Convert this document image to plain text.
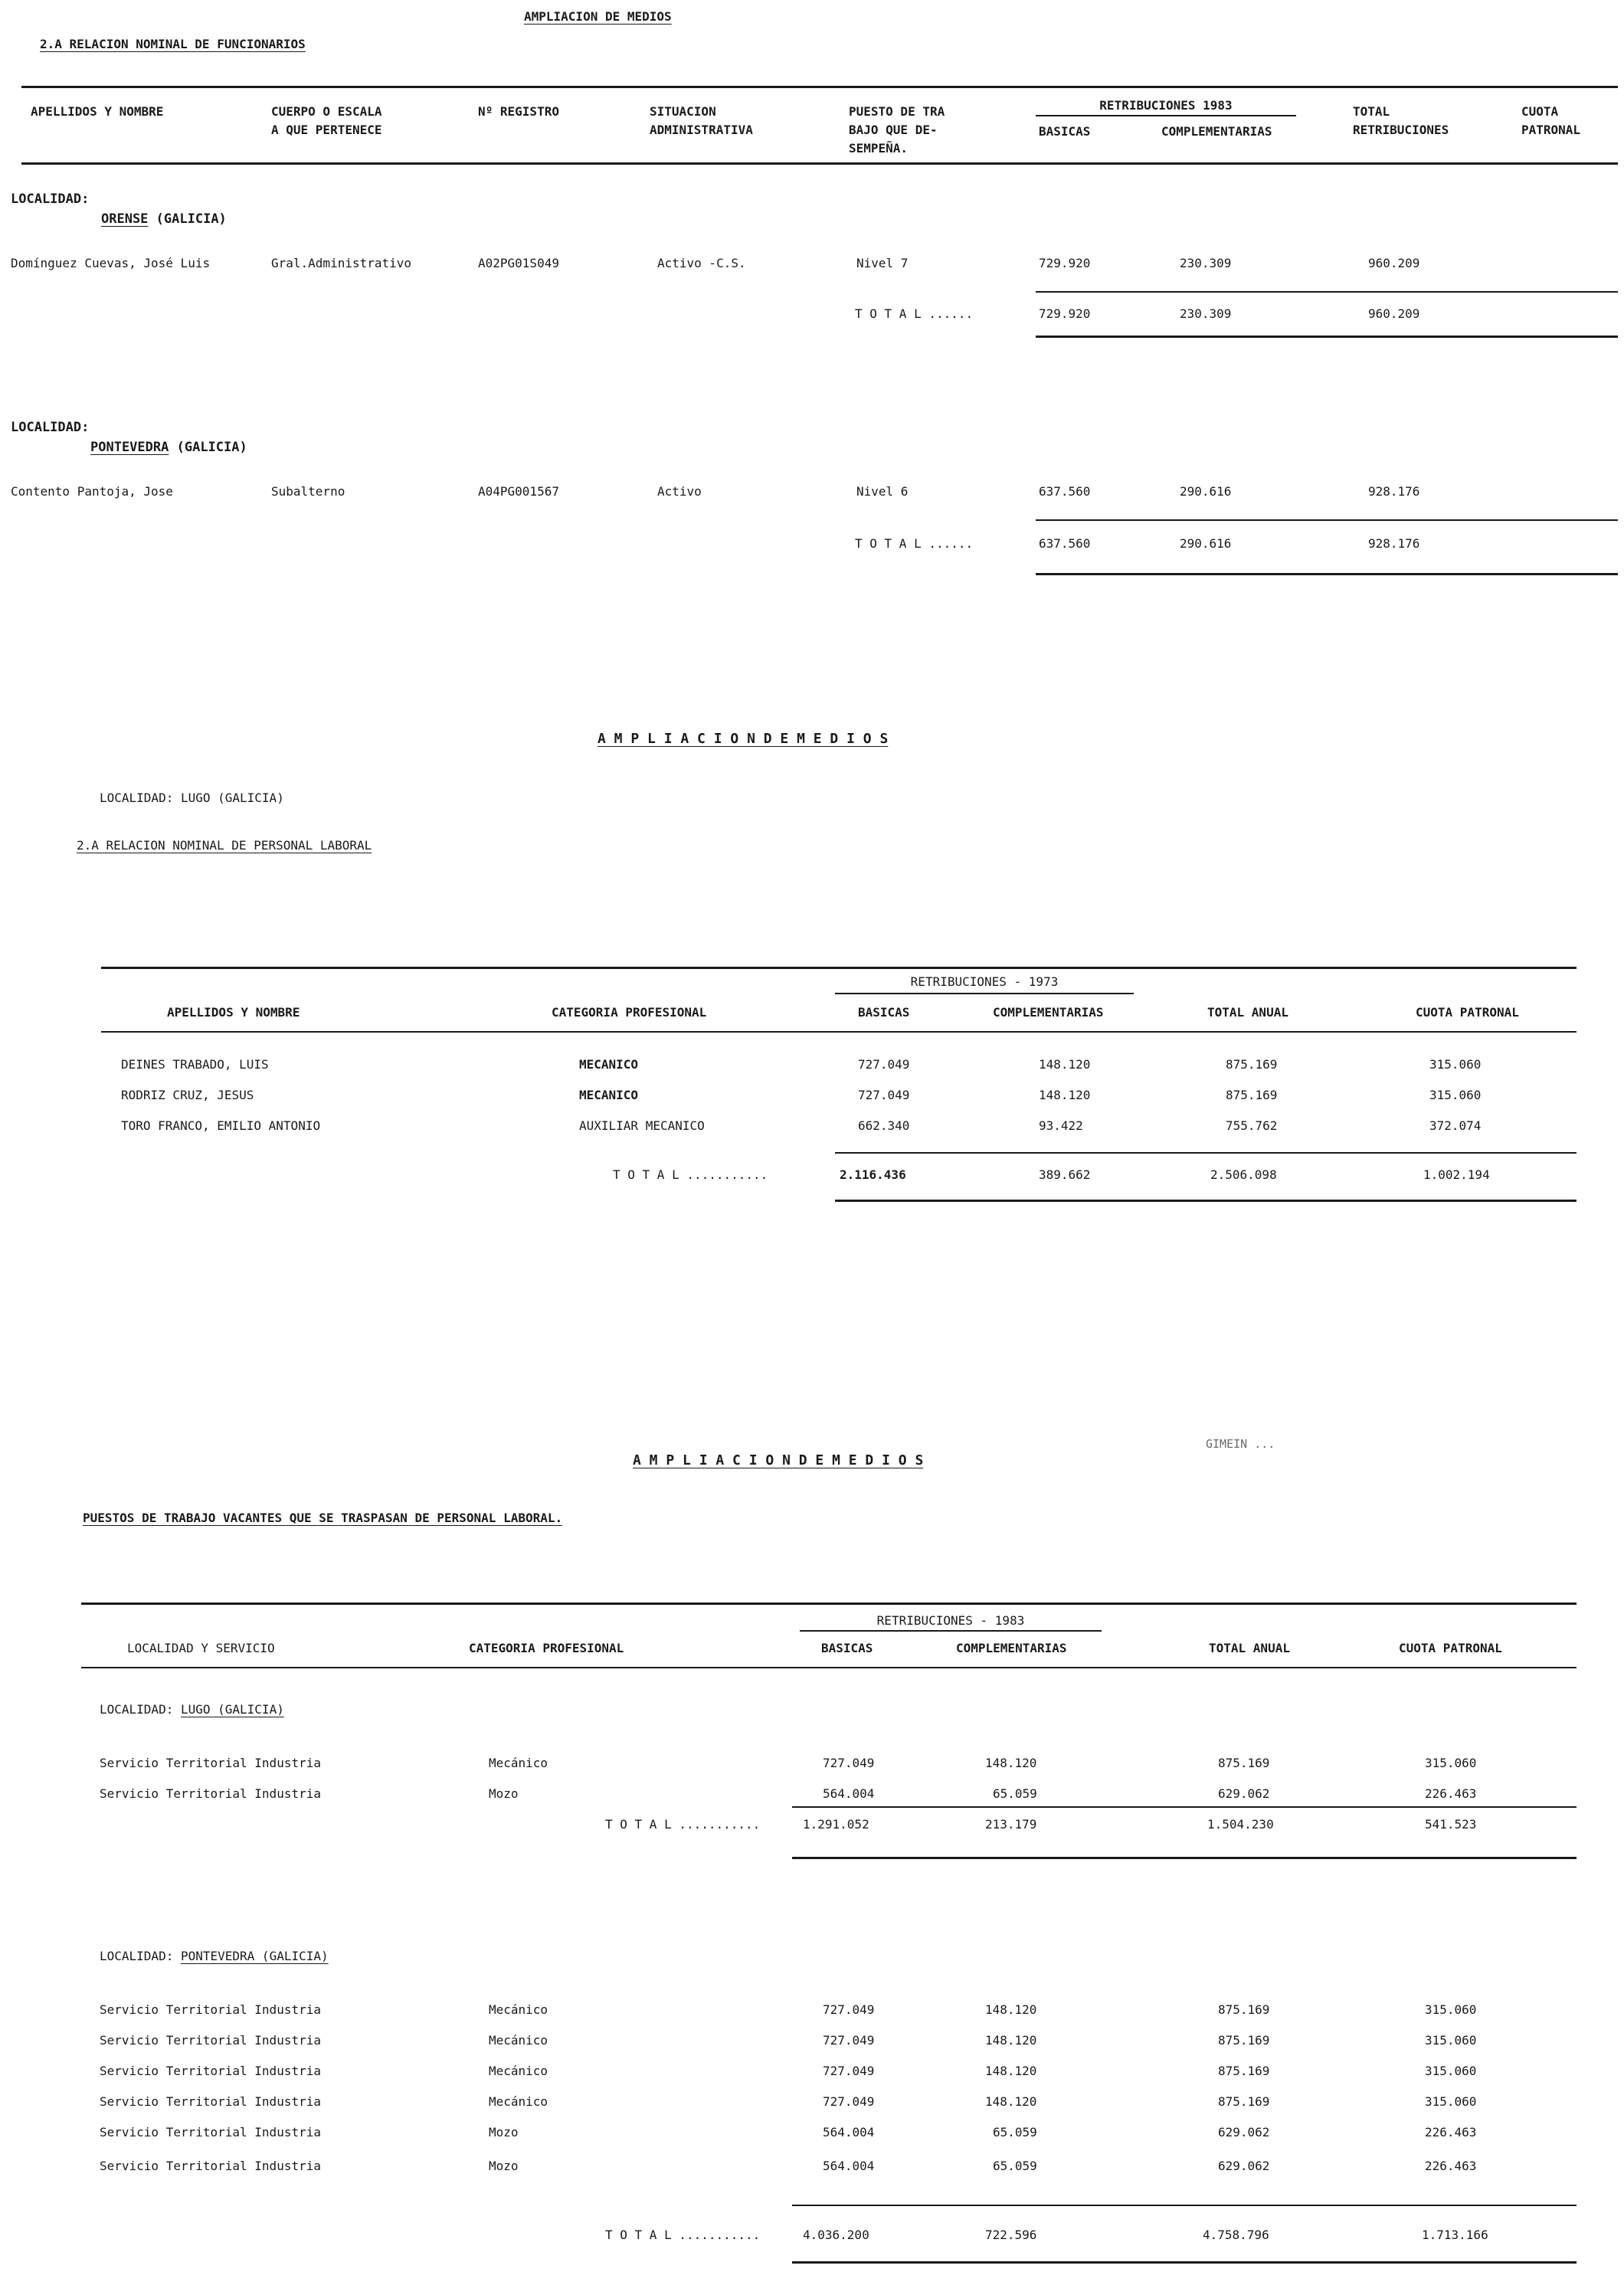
AMPLIACION DE MEDIOS
2.A RELACION NOMINAL DE FUNCIONARIOS
APELLIDOS Y NOMBRE	CUERPO O ESCALA
A QUE PERTENECE
Nº REGISTRO	SITUACION
ADMINISTRATIVA
PUESTO DE TRA
BAJO QUE DE-
SEMPEÑA.
RETRIBUCIONES 1983
BASICAS	COMPLEMENTARIAS
TOTAL
RETRIBUCIONES
CUOTA
PATRONAL
LOCALIDAD:
ORENSE (GALICIA)
Domínguez Cuevas, José Luis	Gral.Administrativo	A02PG01S049	Activo -C.S.	Nivel 7	729.920	230.309	960.209
T O T A L ......	729.920	230.309	960.209
LOCALIDAD:
PONTEVEDRA (GALICIA)
Contento Pantoja, Jose	Subalterno	A04PG001567	Activo	Nivel 6	637.560	290.616	928.176
T O T A L ......	637.560	290.616	928.176
A M P L I A C I O N D E M E D I O S
LOCALIDAD: LUGO (GALICIA)
2.A RELACION NOMINAL DE PERSONAL LABORAL
RETRIBUCIONES - 1973
APELLIDOS Y NOMBRE	CATEGORIA PROFESIONAL	BASICAS	COMPLEMENTARIAS	TOTAL ANUAL	CUOTA PATRONAL
DEINES TRABADO, LUIS	MECANICO	727.049	148.120	875.169	315.060
RODRIZ CRUZ, JESUS	MECANICO	727.049	148.120	875.169	315.060
TORO FRANCO, EMILIO ANTONIO	AUXILIAR MECANICO	662.340	93.422	755.762	372.074
T O T A L ...........	2.116.436	389.662	2.506.098	1.002.194
A M P L I A C I O N D E M E D I O S
GIMEIN ...
PUESTOS DE TRABAJO VACANTES QUE SE TRASPASAN DE PERSONAL LABORAL.
RETRIBUCIONES - 1983
LOCALIDAD Y SERVICIO	CATEGORIA PROFESIONAL	BASICAS	COMPLEMENTARIAS	TOTAL ANUAL	CUOTA PATRONAL
LOCALIDAD: LUGO (GALICIA)
Servicio Territorial Industria	Mecánico	727.049	148.120	875.169	315.060
Servicio Territorial Industria	Mozo	564.004	65.059	629.062	226.463
T O T A L ...........	1.291.052	213.179	1.504.230	541.523
LOCALIDAD: PONTEVEDRA (GALICIA)
Servicio Territorial Industria	Mecánico	727.049	148.120	875.169	315.060
Servicio Territorial Industria	Mecánico	727.049	148.120	875.169	315.060
Servicio Territorial Industria	Mecánico	727.049	148.120	875.169	315.060
Servicio Territorial Industria	Mecánico	727.049	148.120	875.169	315.060
Servicio Territorial Industria	Mozo	564.004	65.059	629.062	226.463
Servicio Territorial Industria	Mozo	564.004	65.059	629.062	226.463
T O T A L ...........	4.036.200	722.596	4.758.796	1.713.166
